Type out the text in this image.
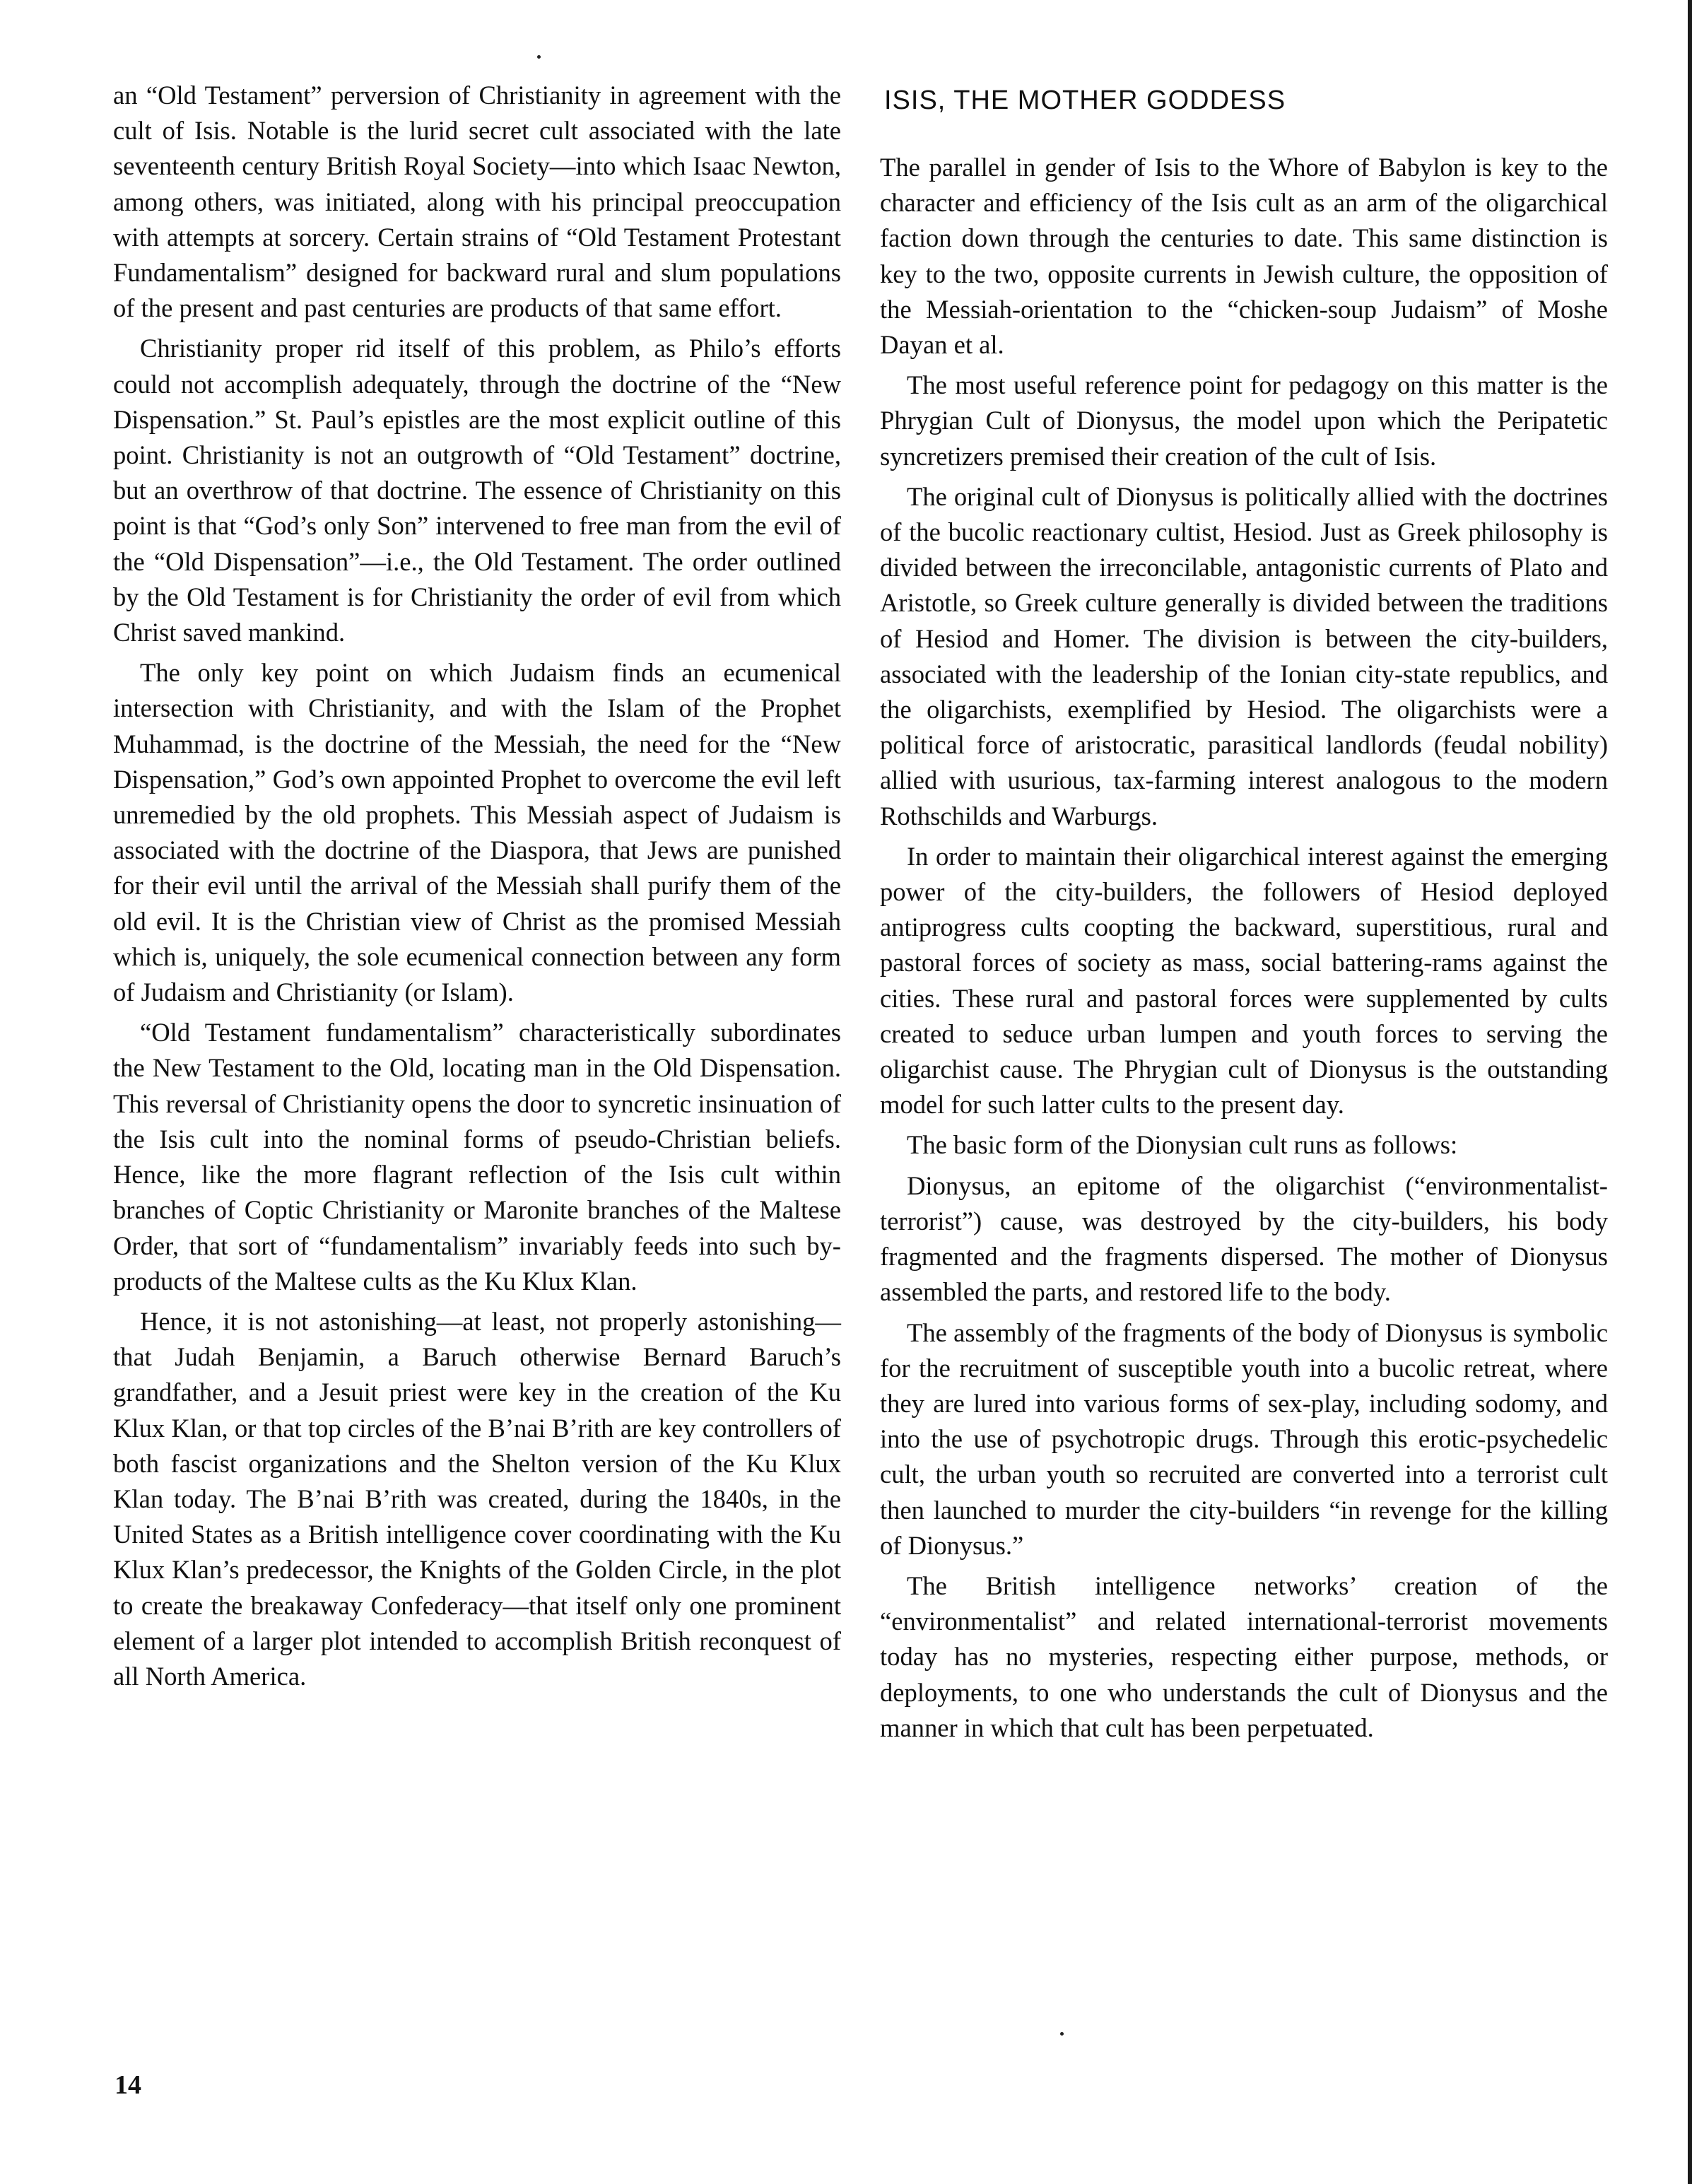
an “Old Testament” perversion of Christianity in agreement with the cult of Isis. Notable is the lurid secret cult associated with the late seventeenth century British Royal Society—into which Isaac Newton, among others, was initiated, along with his principal preoccupation with attempts at sorcery. Certain strains of “Old Testament Protestant Fundamentalism” designed for backward rural and slum populations of the present and past centuries are products of that same effort.

Christianity proper rid itself of this problem, as Philo’s efforts could not accomplish adequately, through the doctrine of the “New Dispensation.” St. Paul’s epistles are the most explicit outline of this point. Christianity is not an outgrowth of “Old Testament” doctrine, but an overthrow of that doctrine. The essence of Christianity on this point is that “God’s only Son” intervened to free man from the evil of the “Old Dispensation”—i.e., the Old Testament. The order outlined by the Old Testament is for Christianity the order of evil from which Christ saved mankind.

The only key point on which Judaism finds an ecumenical intersection with Christianity, and with the Islam of the Prophet Muhammad, is the doctrine of the Messiah, the need for the “New Dispensation,” God’s own appointed Prophet to overcome the evil left unremedied by the old prophets. This Messiah aspect of Judaism is associated with the doctrine of the Diaspora, that Jews are punished for their evil until the arrival of the Messiah shall purify them of the old evil. It is the Christian view of Christ as the promised Messiah which is, uniquely, the sole ecumenical connection between any form of Judaism and Christianity (or Islam).

“Old Testament fundamentalism” characteristically subordinates the New Testament to the Old, locating man in the Old Dispensation. This reversal of Christianity opens the door to syncretic insinuation of the Isis cult into the nominal forms of pseudo-Christian beliefs. Hence, like the more flagrant reflection of the Isis cult within branches of Coptic Christianity or Maronite branches of the Maltese Order, that sort of “fundamentalism” invariably feeds into such by-products of the Maltese cults as the Ku Klux Klan.

Hence, it is not astonishing—at least, not properly astonishing—that Judah Benjamin, a Baruch otherwise Bernard Baruch’s grandfather, and a Jesuit priest were key in the creation of the Ku Klux Klan, or that top circles of the B’nai B’rith are key controllers of both fascist organizations and the Shelton version of the Ku Klux Klan today. The B’nai B’rith was created, during the 1840s, in the United States as a British intelligence cover coordinating with the Ku Klux Klan’s predecessor, the Knights of the Golden Circle, in the plot to create the breakaway Confederacy—that itself only one prominent element of a larger plot intended to accomplish British reconquest of all North America.

ISIS, THE MOTHER GODDESS

The parallel in gender of Isis to the Whore of Babylon is key to the character and efficiency of the Isis cult as an arm of the oligarchical faction down through the centuries to date. This same distinction is key to the two, opposite currents in Jewish culture, the opposition of the Messiah-orientation to the “chicken-soup Judaism” of Moshe Dayan et al.

The most useful reference point for pedagogy on this matter is the Phrygian Cult of Dionysus, the model upon which the Peripatetic syncretizers premised their creation of the cult of Isis.

The original cult of Dionysus is politically allied with the doctrines of the bucolic reactionary cultist, Hesiod. Just as Greek philosophy is divided between the irreconcilable, antagonistic currents of Plato and Aristotle, so Greek culture generally is divided between the traditions of Hesiod and Homer. The division is between the city-builders, associated with the leadership of the Ionian city-state republics, and the oligarchists, exemplified by Hesiod. The oligarchists were a political force of aristocratic, parasitical landlords (feudal nobility) allied with usurious, tax-farming interest analogous to the modern Rothschilds and Warburgs.

In order to maintain their oligarchical interest against the emerging power of the city-builders, the followers of Hesiod deployed antiprogress cults coopting the backward, superstitious, rural and pastoral forces of society as mass, social battering-rams against the cities. These rural and pastoral forces were supplemented by cults created to seduce urban lumpen and youth forces to serving the oligarchist cause. The Phrygian cult of Dionysus is the outstanding model for such latter cults to the present day.

The basic form of the Dionysian cult runs as follows:

Dionysus, an epitome of the oligarchist (“environmentalist-terrorist”) cause, was destroyed by the city-builders, his body fragmented and the fragments dispersed. The mother of Dionysus assembled the parts, and restored life to the body.

The assembly of the fragments of the body of Dionysus is symbolic for the recruitment of susceptible youth into a bucolic retreat, where they are lured into various forms of sex-play, including sodomy, and into the use of psychotropic drugs. Through this erotic-psychedelic cult, the urban youth so recruited are converted into a terrorist cult then launched to murder the city-builders “in revenge for the killing of Dionysus.”

The British intelligence networks’ creation of the “environmentalist” and related international-terrorist movements today has no mysteries, respecting either purpose, methods, or deployments, to one who understands the cult of Dionysus and the manner in which that cult has been perpetuated.

14
